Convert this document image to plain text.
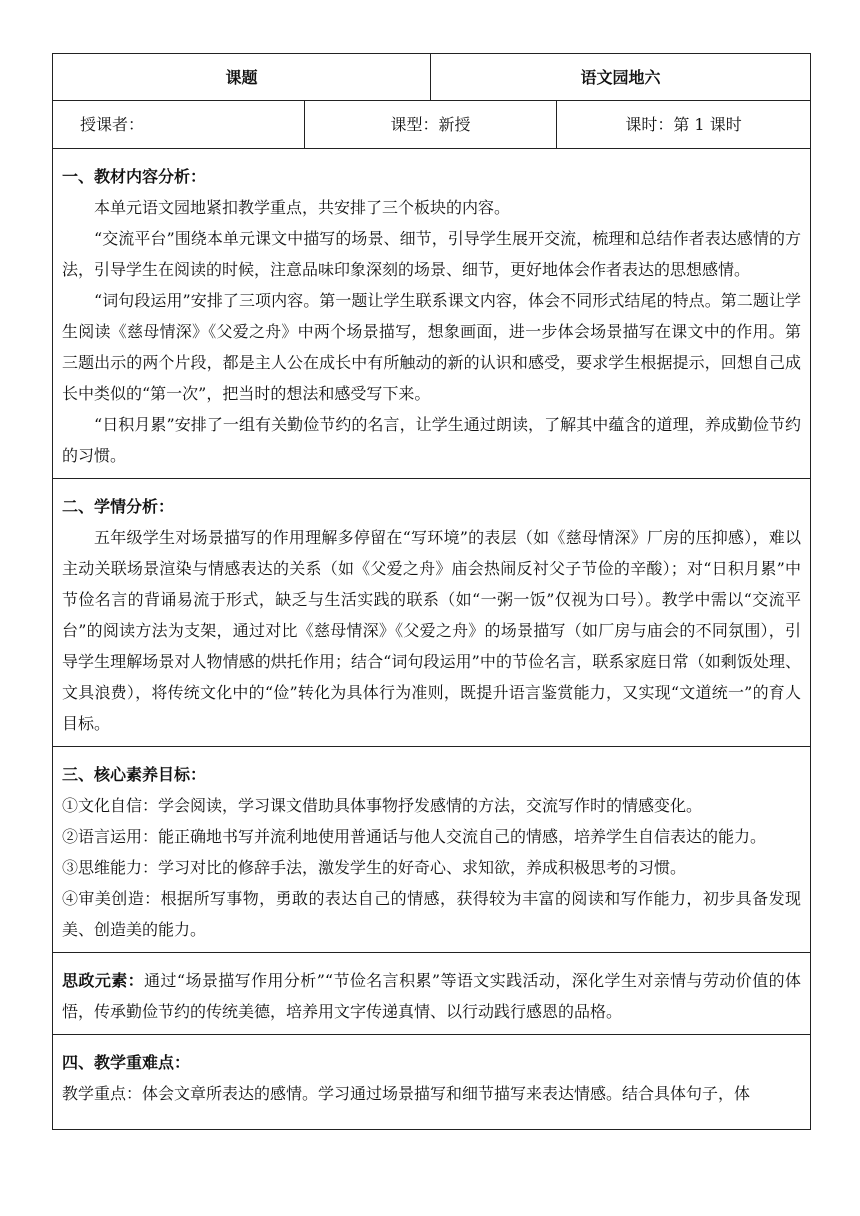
课题		语文园地六	
授课者：	课型：新授		课时：第 1 课时

一、教材内容分析：

本单元语文园地紧扣教学重点，共安排了三个板块的内容。

“交流平台”围绕本单元课文中描写的场景、细节，引导学生展开交流，梳理和总结作者表达感情的方法，引导学生在阅读的时候，注意品味印象深刻的场景、细节，更好地体会作者表达的思想感情。

“词句段运用”安排了三项内容。第一题让学生联系课文内容，体会不同形式结尾的特点。第二题让学生阅读《慈母情深》《父爱之舟》中两个场景描写，想象画面，进一步体会场景描写在课文中的作用。第三题出示的两个片段，都是主人公在成长中有所触动的新的认识和感受，要求学生根据提示，回想自己成长中类似的“第一次”，把当时的想法和感受写下来。

“日积月累”安排了一组有关勤俭节约的名言，让学生通过朗读，了解其中蕴含的道理，养成勤俭节约的习惯。			

二、学情分析：

五年级学生对场景描写的作用理解多停留在“写环境”的表层（如《慈母情深》厂房的压抑感），难以主动关联场景渲染与情感表达的关系（如《父爱之舟》庙会热闹反衬父子节俭的辛酸）；对“日积月累”中节俭名言的背诵易流于形式，缺乏与生活实践的联系（如“一粥一饭”仅视为口号）。教学中需以“交流平台”的阅读方法为支架，通过对比《慈母情深》《父爱之舟》的场景描写（如厂房与庙会的不同氛围），引导学生理解场景对人物情感的烘托作用；结合“词句段运用”中的节俭名言，联系家庭日常（如剩饭处理、文具浪费），将传统文化中的“俭”转化为具体行为准则，既提升语言鉴赏能力，又实现“文道统一”的育人目标。			

三、核心素养目标：

①文化自信：学会阅读，学习课文借助具体事物抒发感情的方法，交流写作时的情感变化。

②语言运用：能正确地书写并流利地使用普通话与他人交流自己的情感，培养学生自信表达的能力。

③思维能力：学习对比的修辞手法，激发学生的好奇心、求知欲，养成积极思考的习惯。

④审美创造：根据所写事物，勇敢的表达自己的情感，获得较为丰富的阅读和写作能力，初步具备发现美、创造美的能力。			

思政元素：通过“场景描写作用分析”“节俭名言积累”等语文实践活动，深化学生对亲情与劳动价值的体悟，传承勤俭节约的传统美德，培养用文字传递真情、以行动践行感恩的品格。			

四、教学重难点：

教学重点：体会文章所表达的感情。学习通过场景描写和细节描写来表达情感。结合具体句子，体			
